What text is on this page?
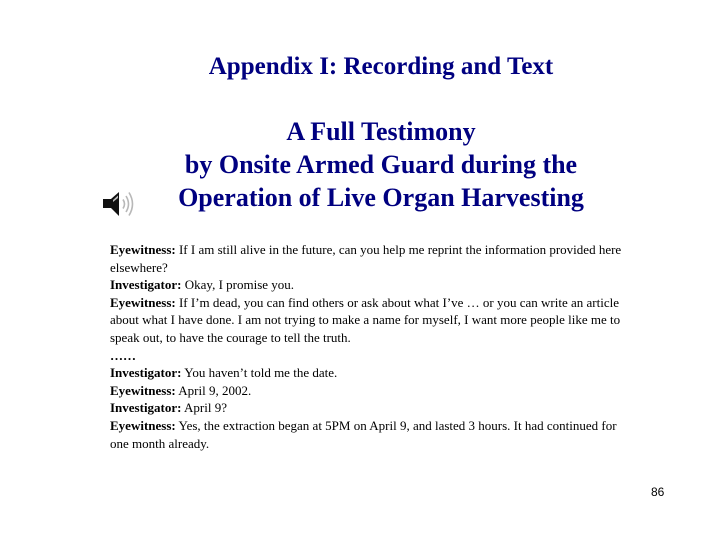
Appendix I: Recording and Text
A Full Testimony
by Onsite Armed Guard during the
Operation of Live Organ Harvesting

Eyewitness: If I am still alive in the future, can you help me reprint the information provided here elsewhere?

Investigator: Okay, I promise you.

Eyewitness: If I’m dead, you can find others or ask about what I’ve … or you can write an article about what I have done. I am not trying to make a name for myself, I want more people like me to speak out, to have the courage to tell the truth.

……

Investigator: You haven’t told me the date.

Eyewitness: April 9, 2002.

Investigator: April 9?

Eyewitness: Yes, the extraction began at 5PM on April 9, and lasted 3 hours. It had continued for one month already.

86
